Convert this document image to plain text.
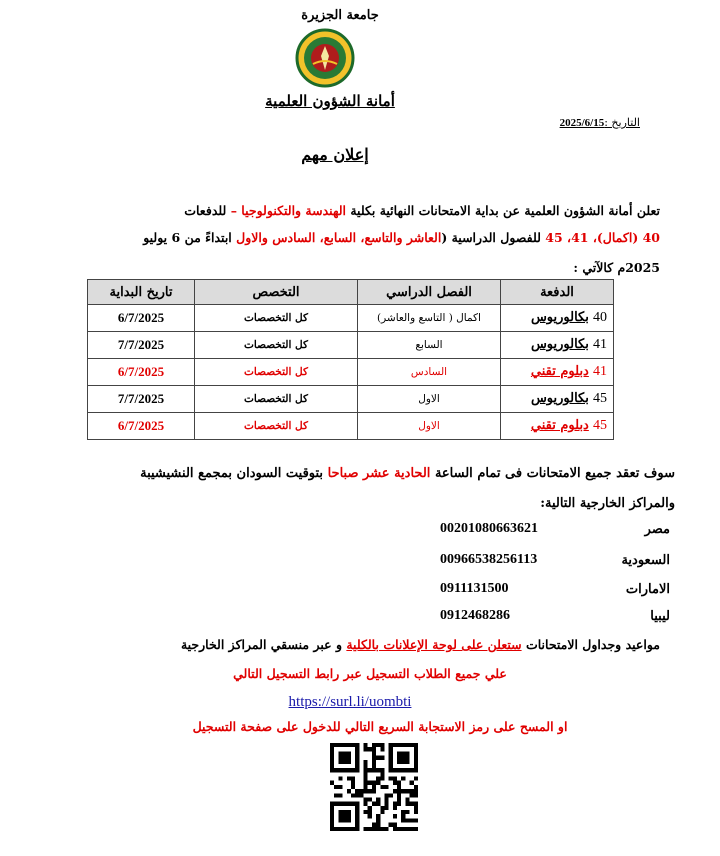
جامعة الجزيرة
أمانة الشؤون العلمية
التاريخ :2025/6/15
إعلان مهم
تعلن أمانة الشؤون العلمية عن بداية الامتحانات النهائية بكلية الهندسة والتكنولوجيا – للدفعات
40 (اكمال)، 41، 45 للفصول الدراسية (العاشر والتاسع، السابع، السادس والاول ابتداءً من 6 يوليو
2025م كالآتي :
الدفعة	الفصل الدراسي	التخصص	تاريخ البداية
40 بكالوريوس	اكمال ( التاسع والعاشر)	كل التخصصات	6/7/2025
41 بكالوريوس	السابع	كل التخصصات	7/7/2025
41 دبلوم تقني	السادس	كل التخصصات	6/7/2025
45 بكالوريوس	الاول	كل التخصصات	7/7/2025
45 دبلوم تقني	الاول	كل التخصصات	6/7/2025
سوف تعقد جميع الامتحانات فى تمام الساعة الحادية عشر صباحا بتوقيت السودان بمجمع النشيشيبة
والمراكز الخارجية التالية:
مصر
00201080663621
السعودية
00966538256113
الامارات
0911131500
ليبيا
0912468286
مواعيد وجداول الامتحانات ستعلن على لوحة الإعلانات بالكلية و عبر منسقي المراكز الخارجية
علي جميع الطلاب التسجيل عبر رابط التسجيل التالي
https://surl.li/uombti
او المسح على رمز الاستجابة السريع التالي للدخول على صفحة التسجيل
